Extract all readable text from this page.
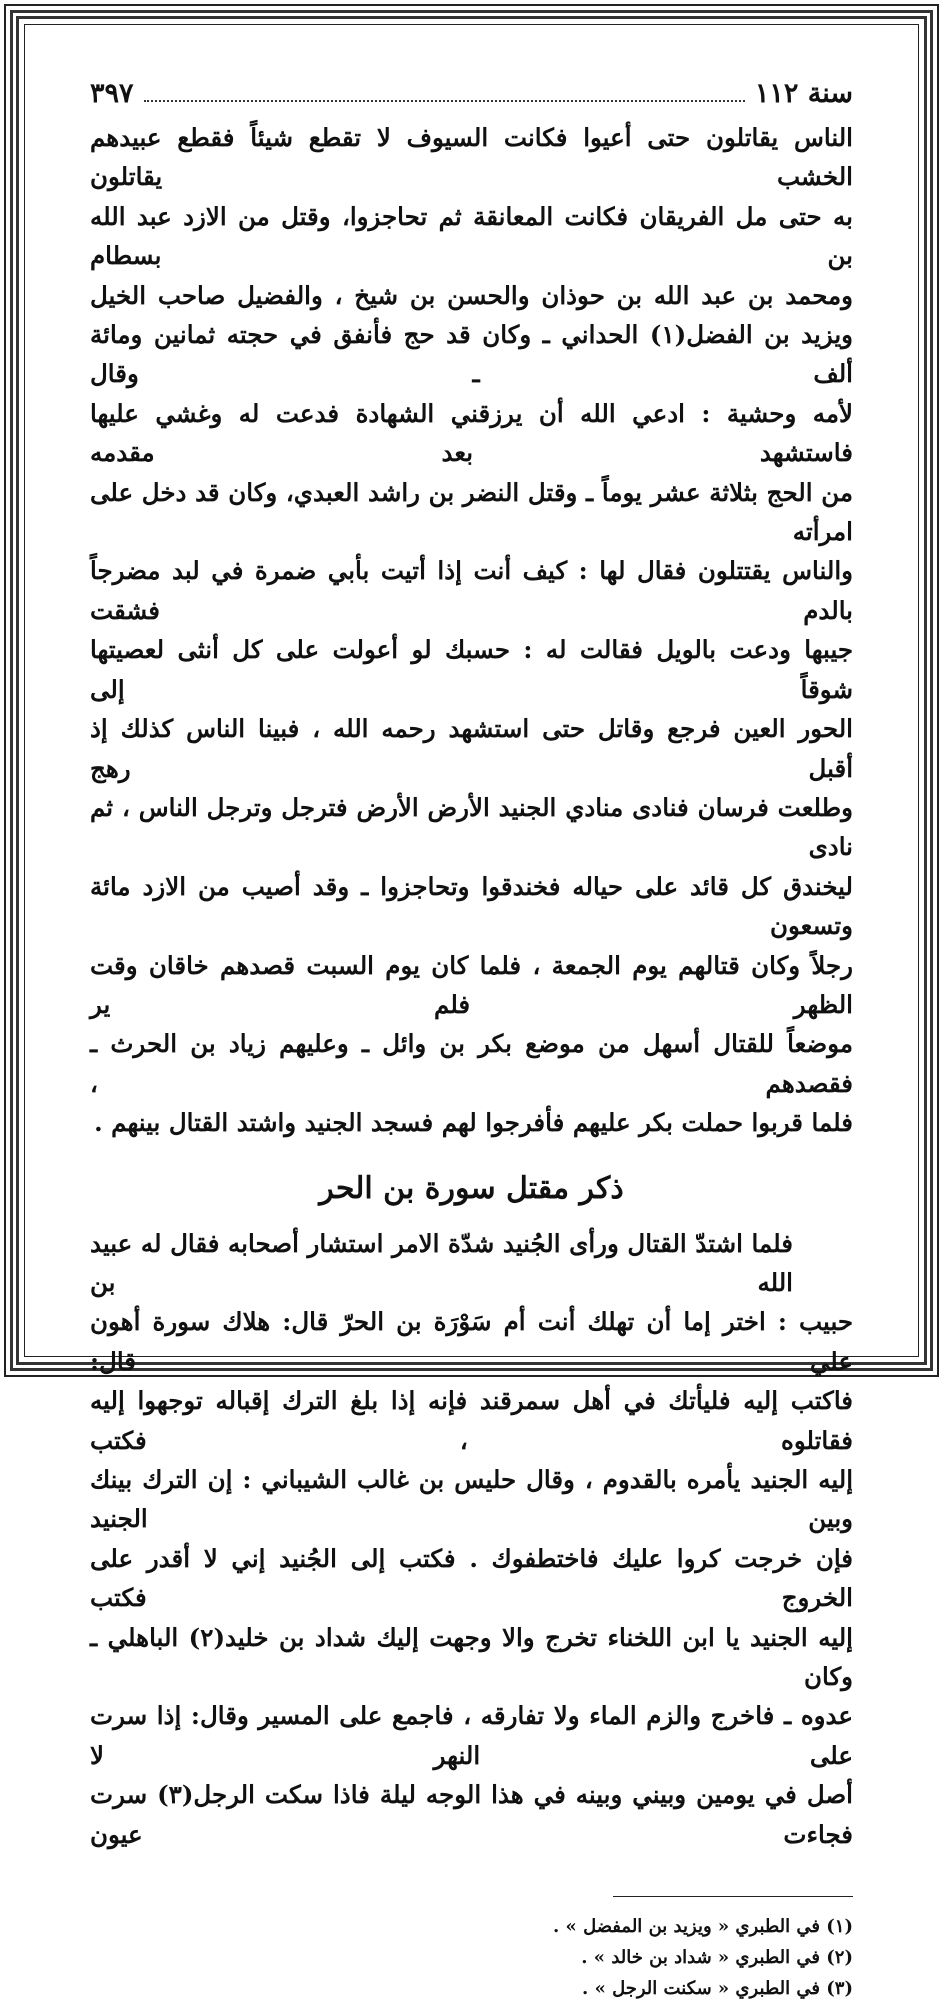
سنة ١١٢
٣٩٧
الناس يقاتلون حتى أعيوا فكانت السيوف لا تقطع شيئاً فقطع عبيدهم الخشب يقاتلون
به حتى مل الفريقان فكانت المعانقة ثم تحاجزوا، وقتل من الازد عبد الله بن بسطام
ومحمد بن عبد الله بن حوذان والحسن بن شيخ ، والفضيل صاحب الخيل
ويزيد بن الفضل(١) الحداني ـ وكان قد حج فأنفق في حجته ثمانين ومائة ألف ـ وقال
لأمه وحشية : ادعي الله أن يرزقني الشهادة فدعت له وغشي عليها فاستشهد بعد مقدمه
من الحج بثلاثة عشر يوماً ـ وقتل النضر بن راشد العبدي، وكان قد دخل على امرأته
والناس يقتتلون فقال لها : كيف أنت إذا أتيت بأبي ضمرة في لبد مضرجاً بالدم فشقت
جيبها ودعت بالويل فقالت له : حسبك لو أعولت على كل أنثى لعصيتها شوقاً إلى
الحور العين فرجع وقاتل حتى استشهد رحمه الله ، فبينا الناس كذلك إذ أقبل رهج
وطلعت فرسان فنادى منادي الجنيد الأرض الأرض فترجل وترجل الناس ، ثم نادى
ليخندق كل قائد على حياله فخندقوا وتحاجزوا ـ وقد أصيب من الازد مائة وتسعون
رجلاً وكان قتالهم يوم الجمعة ، فلما كان يوم السبت قصدهم خاقان وقت الظهر فلم ير
موضعاً للقتال أسهل من موضع بكر بن وائل ـ وعليهم زياد بن الحرث ـ فقصدهم ،
فلما قربوا حملت بكر عليهم فأفرجوا لهم فسجد الجنيد واشتد القتال بينهم .
ذكر مقتل سورة بن الحر
فلما اشتدّ القتال ورأى الجُنيد شدّة الامر استشار أصحابه فقال له عبيد الله بن
حبيب : اختر إما أن تهلك أنت أم سَوْرَة بن الحرّ قال: هلاك سورة أهون علي قال:
فاكتب إليه فليأتك في أهل سمرقند فإنه إذا بلغ الترك إقباله توجهوا إليه فقاتلوه ، فكتب
إليه الجنيد يأمره بالقدوم ، وقال حليس بن غالب الشيباني : إن الترك بينك وبين الجنيد
فإن خرجت كروا عليك فاختطفوك . فكتب إلى الجُنيد إني لا أقدر على الخروج فكتب
إليه الجنيد يا ابن اللخناء تخرج والا وجهت إليك شداد بن خليد(٢) الباهلي ـ وكان
عدوه ـ فاخرج والزم الماء ولا تفارقه ، فاجمع على المسير وقال: إذا سرت على النهر لا
أصل في يومين وبيني وبينه في هذا الوجه ليلة فاذا سكت الرجل(٣) سرت فجاءت عيون
(١) في الطبري « ويزيد بن المفضل » .
(٢) في الطبري « شداد بن خالد » .
(٣) في الطبري « سكنت الرجل » .
